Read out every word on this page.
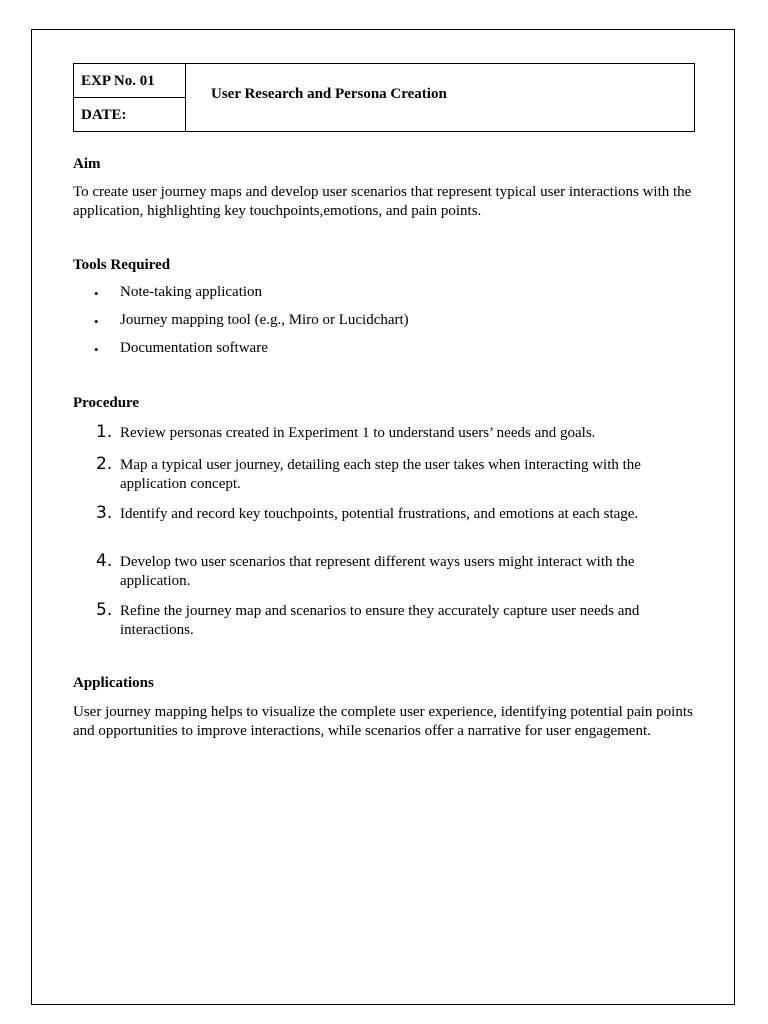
EXP No. 01
DATE:
User Research and Persona Creation
Aim
To create user journey maps and develop user scenarios that represent typical user interactions with the application, highlighting key touchpoints,emotions, and pain points.
Tools Required
• Note-taking application
• Journey mapping tool (e.g., Miro or Lucidchart)
• Documentation software
Procedure
1. Review personas created in Experiment 1 to understand users’ needs and goals.
2. Map a typical user journey, detailing each step the user takes when interacting with the application concept.
3. Identify and record key touchpoints, potential frustrations, and emotions at each stage.
4. Develop two user scenarios that represent different ways users might interact with the application.
5. Refine the journey map and scenarios to ensure they accurately capture user needs and interactions.
Applications
User journey mapping helps to visualize the complete user experience, identifying potential pain points and opportunities to improve interactions, while scenarios offer a narrative for user engagement.
